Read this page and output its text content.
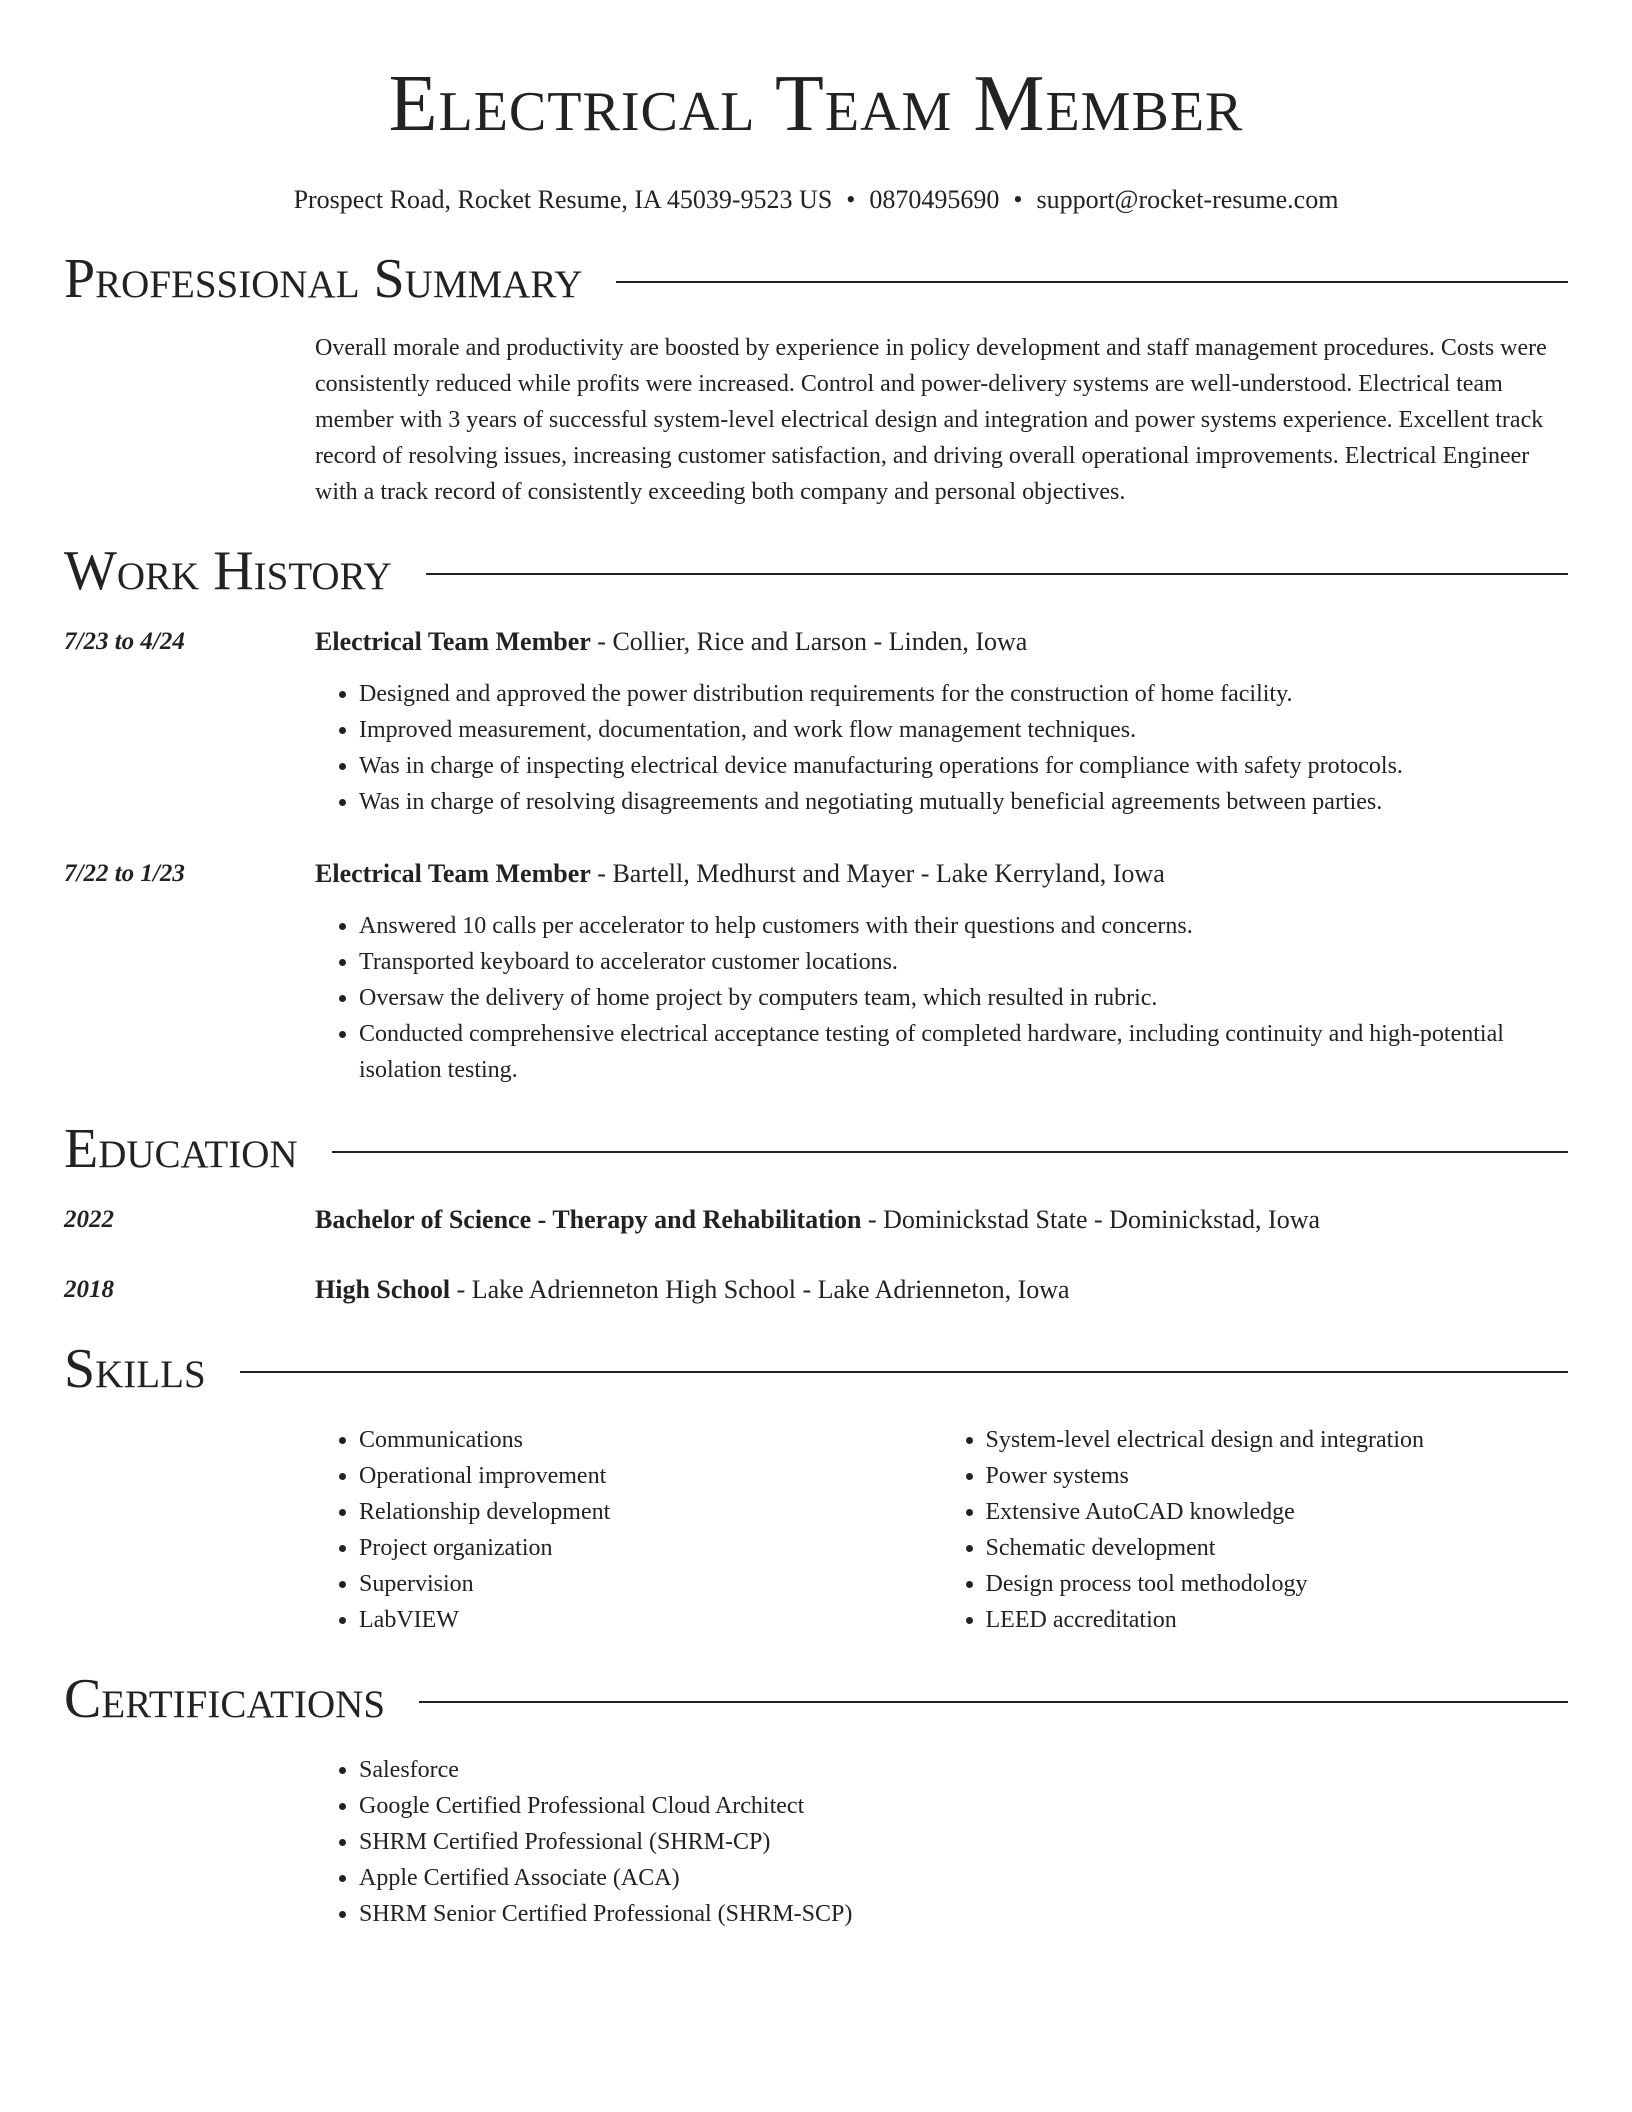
Electrical Team Member
Prospect Road, Rocket Resume, IA 45039-9523 US • 0870495690 • support@rocket-resume.com
Professional Summary
Overall morale and productivity are boosted by experience in policy development and staff management procedures. Costs were consistently reduced while profits were increased. Control and power-delivery systems are well-understood. Electrical team member with 3 years of successful system-level electrical design and integration and power systems experience. Excellent track record of resolving issues, increasing customer satisfaction, and driving overall operational improvements. Electrical Engineer with a track record of consistently exceeding both company and personal objectives.
Work History
7/23 to 4/24	Electrical Team Member - Collier, Rice and Larson - Linden, Iowa
• Designed and approved the power distribution requirements for the construction of home facility.
• Improved measurement, documentation, and work flow management techniques.
• Was in charge of inspecting electrical device manufacturing operations for compliance with safety protocols.
• Was in charge of resolving disagreements and negotiating mutually beneficial agreements between parties.
7/22 to 1/23	Electrical Team Member - Bartell, Medhurst and Mayer - Lake Kerryland, Iowa
• Answered 10 calls per accelerator to help customers with their questions and concerns.
• Transported keyboard to accelerator customer locations.
• Oversaw the delivery of home project by computers team, which resulted in rubric.
• Conducted comprehensive electrical acceptance testing of completed hardware, including continuity and high-potential isolation testing.
Education
2022	Bachelor of Science - Therapy and Rehabilitation - Dominickstad State - Dominickstad, Iowa
2018	High School - Lake Adrienneton High School - Lake Adrienneton, Iowa
Skills
• Communications
• Operational improvement
• Relationship development
• Project organization
• Supervision
• LabVIEW
• System-level electrical design and integration
• Power systems
• Extensive AutoCAD knowledge
• Schematic development
• Design process tool methodology
• LEED accreditation
Certifications
• Salesforce
• Google Certified Professional Cloud Architect
• SHRM Certified Professional (SHRM-CP)
• Apple Certified Associate (ACA)
• SHRM Senior Certified Professional (SHRM-SCP)
